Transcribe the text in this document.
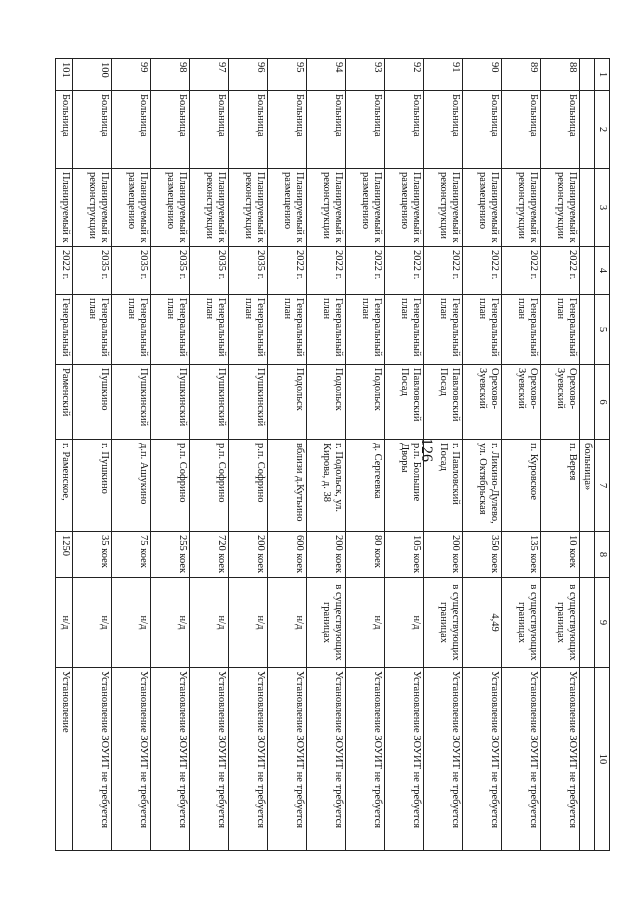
126
1	2	3	4	5	6	7	8	9	10
						больница»			
88	Больница	Планируемый к реконструкции	2022 г.	Генеральный план	Орехово-Зуевский	п. Верея	10 коек	в существующих границах	Установление ЗОУИТ не требуется
89	Больница	Планируемый к реконструкции	2022 г.	Генеральный план	Орехово-Зуевский	п. Куровское	135 коек	в существующих границах	Установление ЗОУИТ не требуется
90	Больница	Планируемый к размещению	2022 г.	Генеральный план	Орехово-Зуевский	г. Ликино-Дулево, ул. Октябрьская	350 коек	4,49	Установление ЗОУИТ не требуется
91	Больница	Планируемый к реконструкции	2022 г.	Генеральный план	Павловский Посад	г. Павловский Посад	200 коек	в существующих границах	Установление ЗОУИТ не требуется
92	Больница	Планируемый к размещению	2022 г.	Генеральный план	Павловский Посад	р.п. Большие Дворы	105 коек	н/д	Установление ЗОУИТ не требуется
93	Больница	Планируемый к размещению	2022 г.	Генеральный план	Подольск	д. Сергеевка	80 коек	н/д	Установление ЗОУИТ не требуется
94	Больница	Планируемый к реконструкции	2022 г.	Генеральный план	Подольск	г. Подольск, ул. Кирова, д. 38	200 коек	в существующих границах	Установление ЗОУИТ не требуется
95	Больница	Планируемый к размещению	2022 г.	Генеральный план	Подольск	вблизи д.Кутьино	600 коек	н/д	Установление ЗОУИТ не требуется
96	Больница	Планируемый к реконструкции	2035 г.	Генеральный план	Пушкинский	р.п. Софрино	200 коек	н/д	Установление ЗОУИТ не требуется
97	Больница	Планируемый к реконструкции	2035 г.	Генеральный план	Пушкинский	р.п. Софрино	720 коек	н/д	Установление ЗОУИТ не требуется
98	Больница	Планируемый к размещению	2035 г.	Генеральный план	Пушкинский	р.п. Софрино	255 коек	н/д	Установление ЗОУИТ не требуется
99	Больница	Планируемый к размещению	2035 г.	Генеральный план	Пушкинский	д.п. Ашукино	75 коек	н/д	Установление ЗОУИТ не требуется
100	Больница	Планируемый к реконструкции	2035 г.	Генеральный план	Пушкино	г. Пушкино	35 коек	н/д	Установление ЗОУИТ не требуется
101	Больница	Планируемый к	2022 г.	Генеральный	Раменский	г. Раменское,	1250	н/д	Установление
